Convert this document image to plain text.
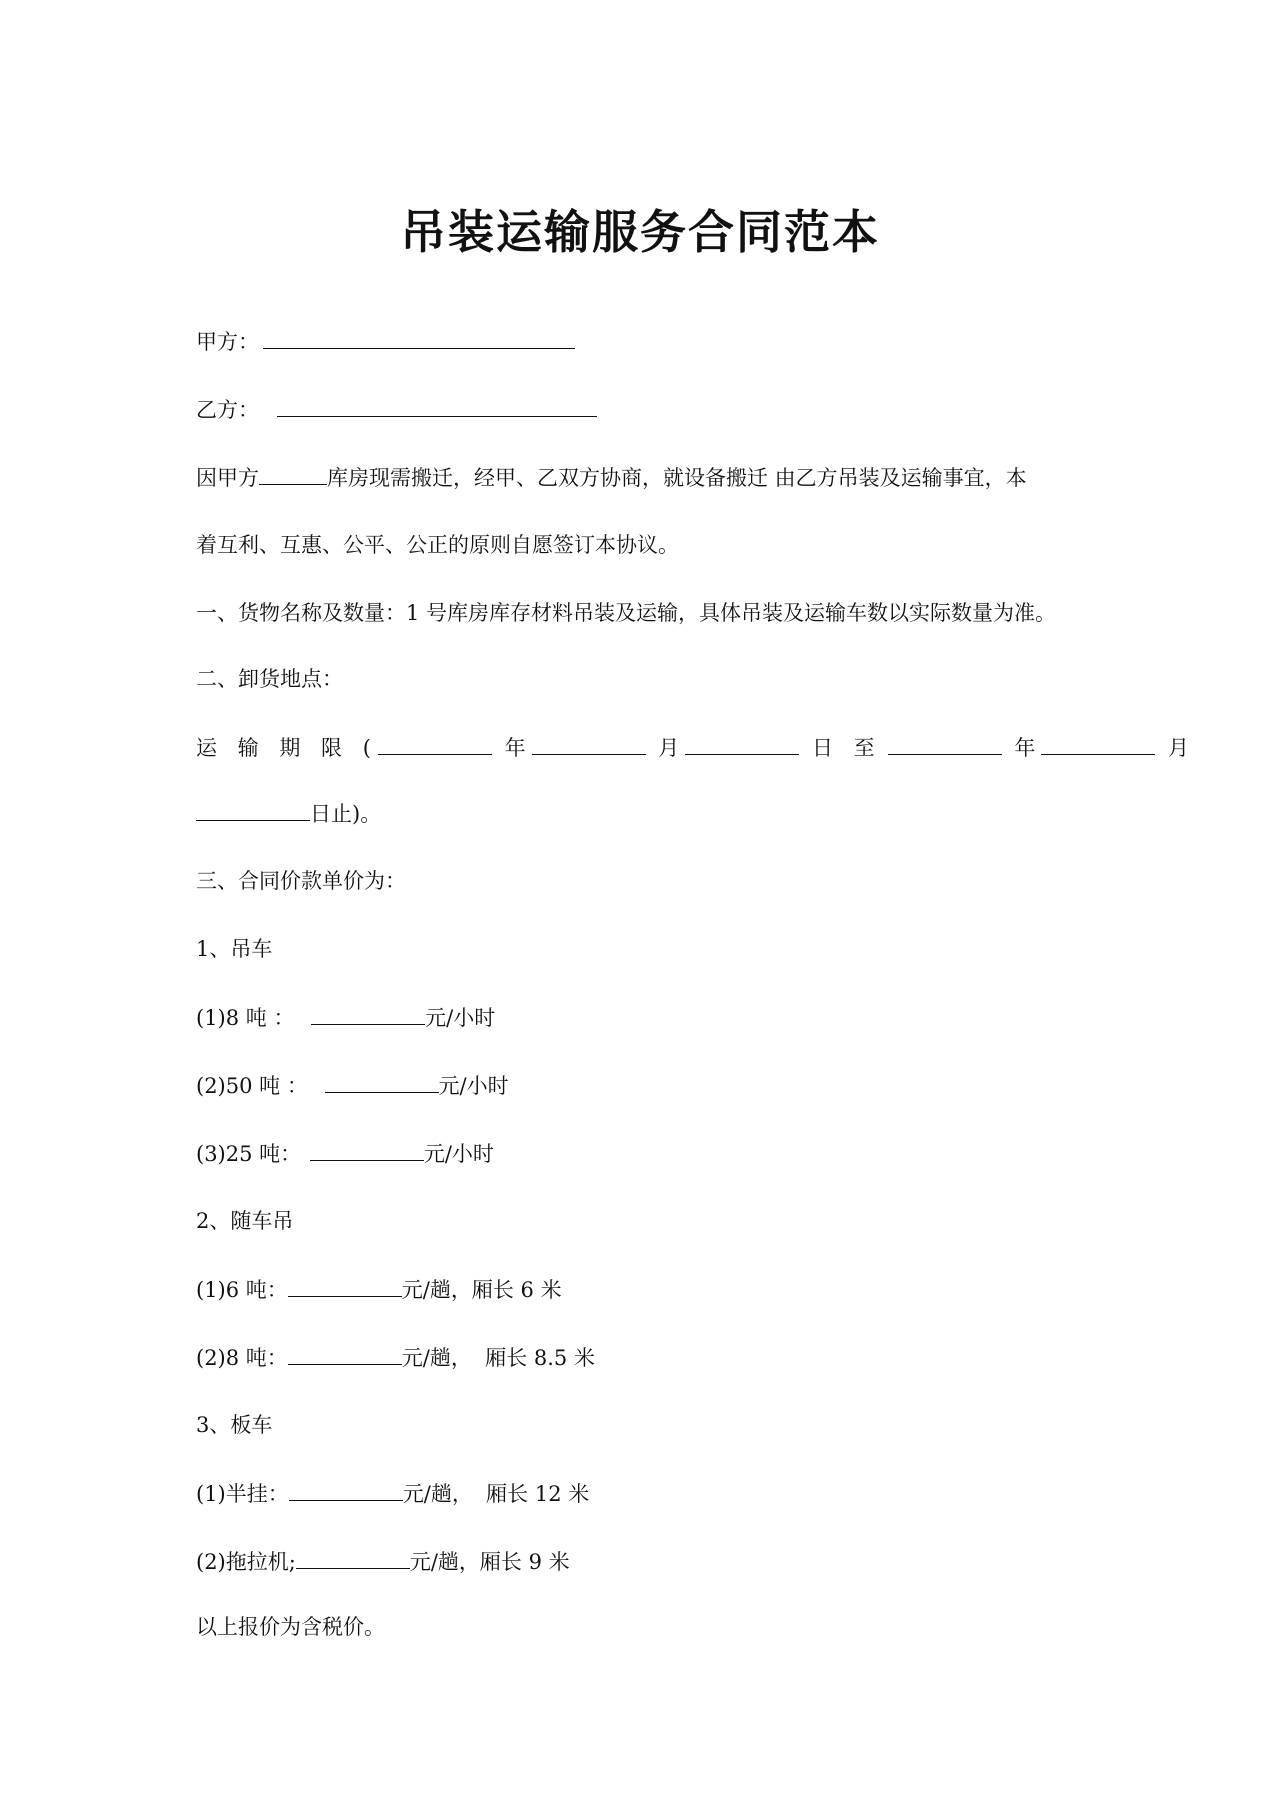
吊装运输服务合同范本
甲方：
乙方：
因甲方	库房现需搬迁，经甲、乙双方协商，就设备搬迁 由乙方吊装及运输事宜，本
着互利、互惠、公平、公正的原则自愿签订本协议。
一、货物名称及数量：1 号库房库存材料吊装及运输，具体吊装及运输车数以实际数量为准。
二、卸货地点：
运 输 期 限 (	年	月	日 至	年	月
日止)。
三、合同价款单价为：
1、吊车
(1)8 吨 ：	元/小时
(2)50 吨 ：	元/小时
(3)25 吨：	元/小时
2、随车吊
(1)6 吨：	元/趟，厢长 6 米
(2)8 吨：	元/趟，  厢长 8.5 米
3、板车
(1)半挂：	元/趟，  厢长 12 米
(2)拖拉机;	元/趟，厢长 9 米
以上报价为含税价。
